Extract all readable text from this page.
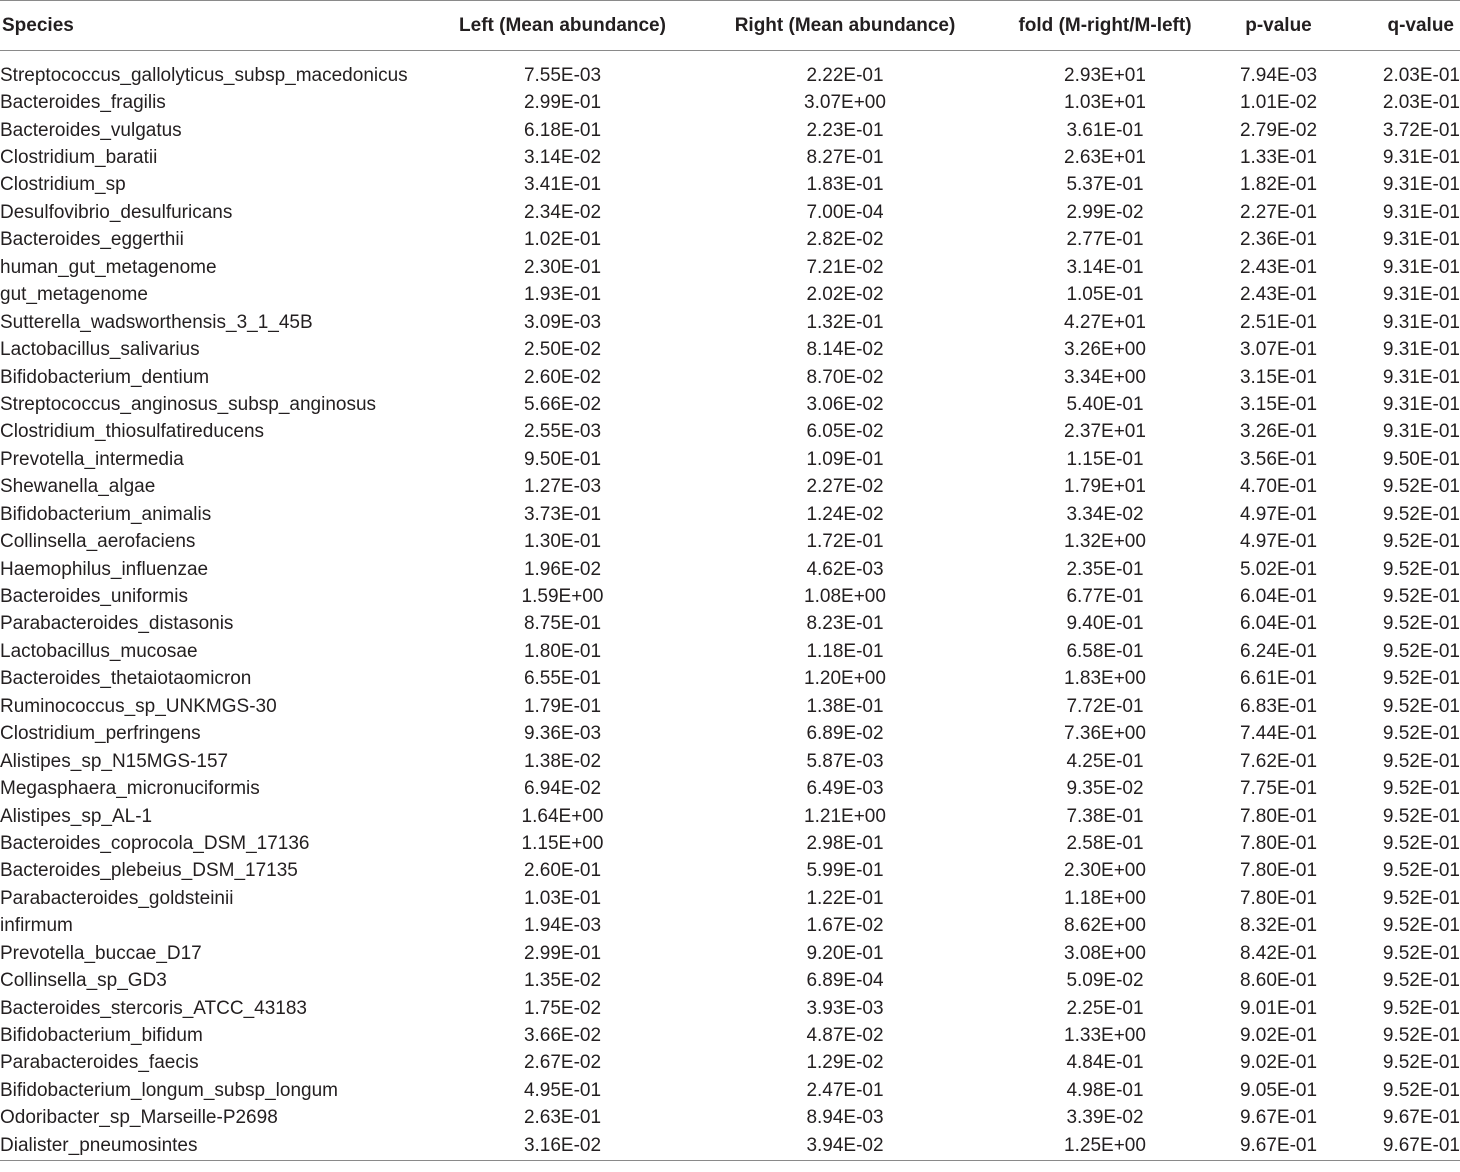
Species	Left (Mean abundance)	Right (Mean abundance)	fold (M-right/M-left)	p-value	q-value

Streptococcus_gallolyticus_subsp_macedonicus	7.55E-03	2.22E-01	2.93E+01	7.94E-03	2.03E-01
Bacteroides_fragilis	2.99E-01	3.07E+00	1.03E+01	1.01E-02	2.03E-01
Bacteroides_vulgatus	6.18E-01	2.23E-01	3.61E-01	2.79E-02	3.72E-01
Clostridium_baratii	3.14E-02	8.27E-01	2.63E+01	1.33E-01	9.31E-01
Clostridium_sp	3.41E-01	1.83E-01	5.37E-01	1.82E-01	9.31E-01
Desulfovibrio_desulfuricans	2.34E-02	7.00E-04	2.99E-02	2.27E-01	9.31E-01
Bacteroides_eggerthii	1.02E-01	2.82E-02	2.77E-01	2.36E-01	9.31E-01
human_gut_metagenome	2.30E-01	7.21E-02	3.14E-01	2.43E-01	9.31E-01
gut_metagenome	1.93E-01	2.02E-02	1.05E-01	2.43E-01	9.31E-01
Sutterella_wadsworthensis_3_1_45B	3.09E-03	1.32E-01	4.27E+01	2.51E-01	9.31E-01
Lactobacillus_salivarius	2.50E-02	8.14E-02	3.26E+00	3.07E-01	9.31E-01
Bifidobacterium_dentium	2.60E-02	8.70E-02	3.34E+00	3.15E-01	9.31E-01
Streptococcus_anginosus_subsp_anginosus	5.66E-02	3.06E-02	5.40E-01	3.15E-01	9.31E-01
Clostridium_thiosulfatireducens	2.55E-03	6.05E-02	2.37E+01	3.26E-01	9.31E-01
Prevotella_intermedia	9.50E-01	1.09E-01	1.15E-01	3.56E-01	9.50E-01
Shewanella_algae	1.27E-03	2.27E-02	1.79E+01	4.70E-01	9.52E-01
Bifidobacterium_animalis	3.73E-01	1.24E-02	3.34E-02	4.97E-01	9.52E-01
Collinsella_aerofaciens	1.30E-01	1.72E-01	1.32E+00	4.97E-01	9.52E-01
Haemophilus_influenzae	1.96E-02	4.62E-03	2.35E-01	5.02E-01	9.52E-01
Bacteroides_uniformis	1.59E+00	1.08E+00	6.77E-01	6.04E-01	9.52E-01
Parabacteroides_distasonis	8.75E-01	8.23E-01	9.40E-01	6.04E-01	9.52E-01
Lactobacillus_mucosae	1.80E-01	1.18E-01	6.58E-01	6.24E-01	9.52E-01
Bacteroides_thetaiotaomicron	6.55E-01	1.20E+00	1.83E+00	6.61E-01	9.52E-01
Ruminococcus_sp_UNKMGS-30	1.79E-01	1.38E-01	7.72E-01	6.83E-01	9.52E-01
Clostridium_perfringens	9.36E-03	6.89E-02	7.36E+00	7.44E-01	9.52E-01
Alistipes_sp_N15MGS-157	1.38E-02	5.87E-03	4.25E-01	7.62E-01	9.52E-01
Megasphaera_micronuciformis	6.94E-02	6.49E-03	9.35E-02	7.75E-01	9.52E-01
Alistipes_sp_AL-1	1.64E+00	1.21E+00	7.38E-01	7.80E-01	9.52E-01
Bacteroides_coprocola_DSM_17136	1.15E+00	2.98E-01	2.58E-01	7.80E-01	9.52E-01
Bacteroides_plebeius_DSM_17135	2.60E-01	5.99E-01	2.30E+00	7.80E-01	9.52E-01
Parabacteroides_goldsteinii	1.03E-01	1.22E-01	1.18E+00	7.80E-01	9.52E-01
infirmum	1.94E-03	1.67E-02	8.62E+00	8.32E-01	9.52E-01
Prevotella_buccae_D17	2.99E-01	9.20E-01	3.08E+00	8.42E-01	9.52E-01
Collinsella_sp_GD3	1.35E-02	6.89E-04	5.09E-02	8.60E-01	9.52E-01
Bacteroides_stercoris_ATCC_43183	1.75E-02	3.93E-03	2.25E-01	9.01E-01	9.52E-01
Bifidobacterium_bifidum	3.66E-02	4.87E-02	1.33E+00	9.02E-01	9.52E-01
Parabacteroides_faecis	2.67E-02	1.29E-02	4.84E-01	9.02E-01	9.52E-01
Bifidobacterium_longum_subsp_longum	4.95E-01	2.47E-01	4.98E-01	9.05E-01	9.52E-01
Odoribacter_sp_Marseille-P2698	2.63E-01	8.94E-03	3.39E-02	9.67E-01	9.67E-01
Dialister_pneumosintes	3.16E-02	3.94E-02	1.25E+00	9.67E-01	9.67E-01
